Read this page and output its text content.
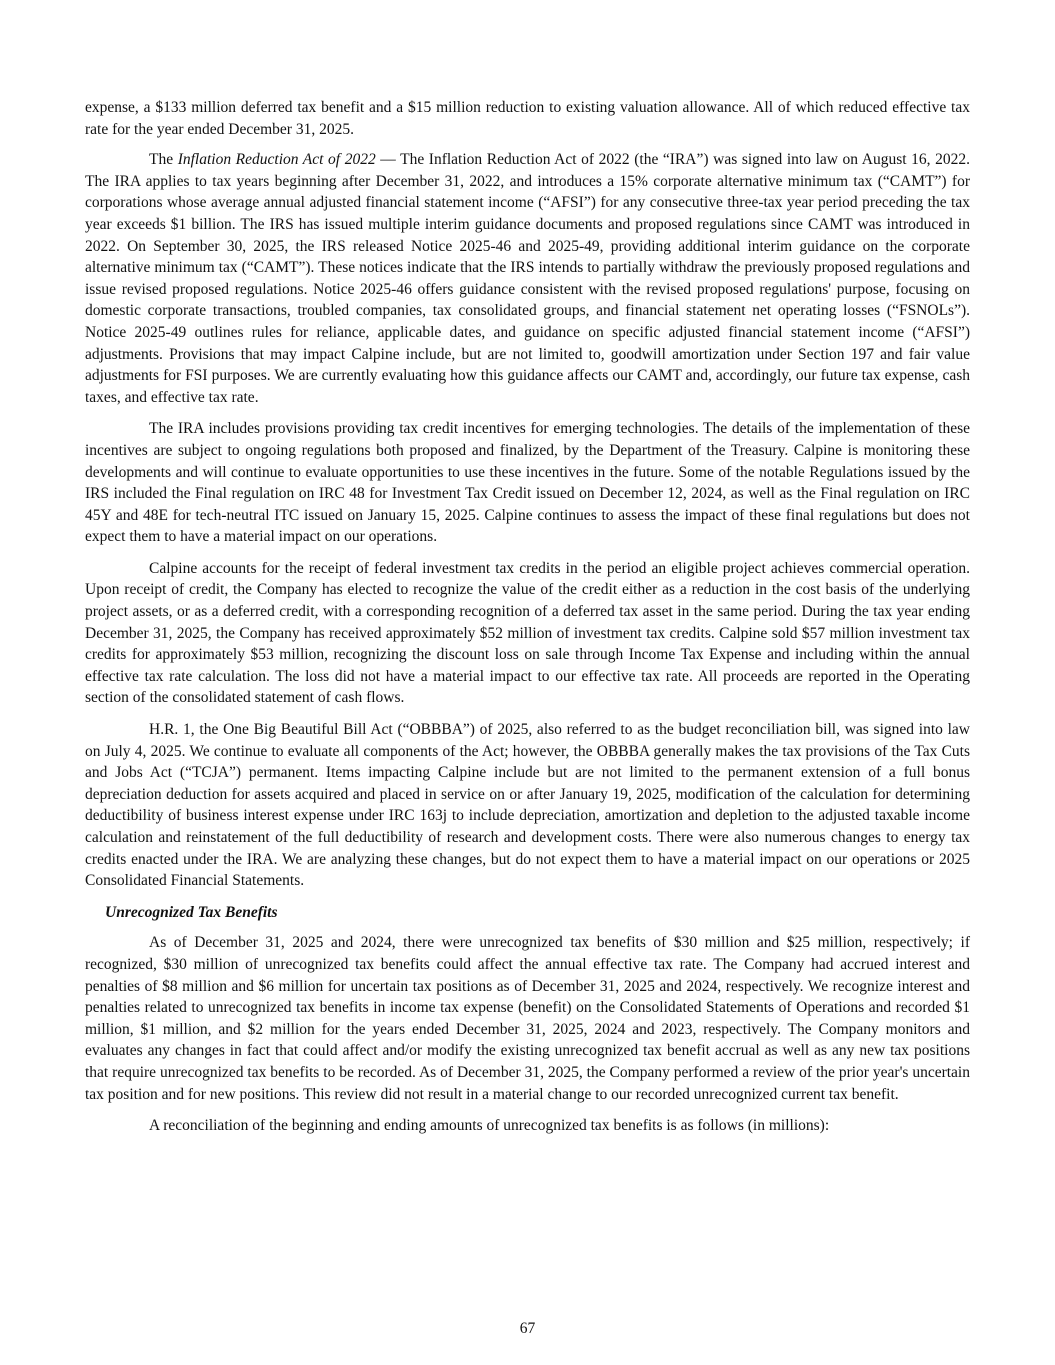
expense, a $133 million deferred tax benefit and a $15 million reduction to existing valuation allowance. All of which reduced effective tax rate for the year ended December 31, 2025.

The Inflation Reduction Act of 2022 — The Inflation Reduction Act of 2022 (the “IRA”) was signed into law on August 16, 2022. The IRA applies to tax years beginning after December 31, 2022, and introduces a 15% corporate alternative minimum tax (“CAMT”) for corporations whose average annual adjusted financial statement income (“AFSI”) for any consecutive three-tax year period preceding the tax year exceeds $1 billion. The IRS has issued multiple interim guidance documents and proposed regulations since CAMT was introduced in 2022. On September 30, 2025, the IRS released Notice 2025-46 and 2025-49, providing additional interim guidance on the corporate alternative minimum tax (“CAMT”). These notices indicate that the IRS intends to partially withdraw the previously proposed regulations and issue revised proposed regulations. Notice 2025-46 offers guidance consistent with the revised proposed regulations' purpose, focusing on domestic corporate transactions, troubled companies, tax consolidated groups, and financial statement net operating losses (“FSNOLs”). Notice 2025-49 outlines rules for reliance, applicable dates, and guidance on specific adjusted financial statement income (“AFSI”) adjustments. Provisions that may impact Calpine include, but are not limited to, goodwill amortization under Section 197 and fair value adjustments for FSI purposes. We are currently evaluating how this guidance affects our CAMT and, accordingly, our future tax expense, cash taxes, and effective tax rate.

The IRA includes provisions providing tax credit incentives for emerging technologies. The details of the implementation of these incentives are subject to ongoing regulations both proposed and finalized, by the Department of the Treasury. Calpine is monitoring these developments and will continue to evaluate opportunities to use these incentives in the future. Some of the notable Regulations issued by the IRS included the Final regulation on IRC 48 for Investment Tax Credit issued on December 12, 2024, as well as the Final regulation on IRC 45Y and 48E for tech-neutral ITC issued on January 15, 2025. Calpine continues to assess the impact of these final regulations but does not expect them to have a material impact on our operations.

Calpine accounts for the receipt of federal investment tax credits in the period an eligible project achieves commercial operation. Upon receipt of credit, the Company has elected to recognize the value of the credit either as a reduction in the cost basis of the underlying project assets, or as a deferred credit, with a corresponding recognition of a deferred tax asset in the same period. During the tax year ending December 31, 2025, the Company has received approximately $52 million of investment tax credits. Calpine sold $57 million investment tax credits for approximately $53 million, recognizing the discount loss on sale through Income Tax Expense and including within the annual effective tax rate calculation. The loss did not have a material impact to our effective tax rate. All proceeds are reported in the Operating section of the consolidated statement of cash flows.

H.R. 1, the One Big Beautiful Bill Act (“OBBBA”) of 2025, also referred to as the budget reconciliation bill, was signed into law on July 4, 2025. We continue to evaluate all components of the Act; however, the OBBBA generally makes the tax provisions of the Tax Cuts and Jobs Act (“TCJA”) permanent. Items impacting Calpine include but are not limited to the permanent extension of a full bonus depreciation deduction for assets acquired and placed in service on or after January 19, 2025, modification of the calculation for determining deductibility of business interest expense under IRC 163j to include depreciation, amortization and depletion to the adjusted taxable income calculation and reinstatement of the full deductibility of research and development costs. There were also numerous changes to energy tax credits enacted under the IRA. We are analyzing these changes, but do not expect them to have a material impact on our operations or 2025 Consolidated Financial Statements.

Unrecognized Tax Benefits

As of December 31, 2025 and 2024, there were unrecognized tax benefits of $30 million and $25 million, respectively; if recognized, $30 million of unrecognized tax benefits could affect the annual effective tax rate. The Company had accrued interest and penalties of $8 million and $6 million for uncertain tax positions as of December 31, 2025 and 2024, respectively. We recognize interest and penalties related to unrecognized tax benefits in income tax expense (benefit) on the Consolidated Statements of Operations and recorded $1 million, $1 million, and $2 million for the years ended December 31, 2025, 2024 and 2023, respectively. The Company monitors and evaluates any changes in fact that could affect and/or modify the existing unrecognized tax benefit accrual as well as any new tax positions that require unrecognized tax benefits to be recorded. As of December 31, 2025, the Company performed a review of the prior year's uncertain tax position and for new positions. This review did not result in a material change to our recorded unrecognized current tax benefit.

A reconciliation of the beginning and ending amounts of unrecognized tax benefits is as follows (in millions):

67
